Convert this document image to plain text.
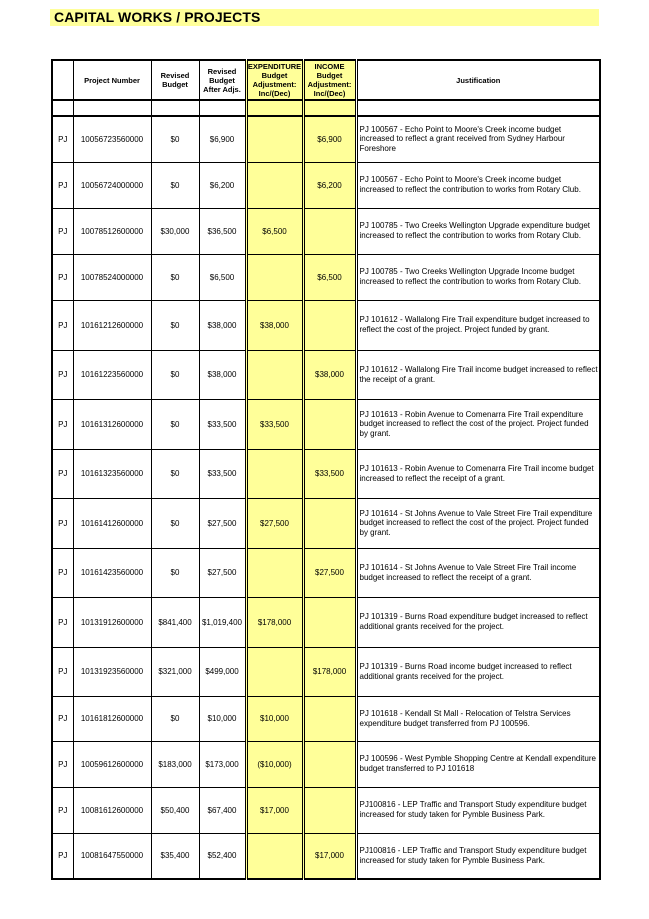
CAPITAL WORKS / PROJECTS
	Project Number	Revised Budget	Revised Budget After Adjs.	EXPENDITURE Budget Adjustment: Inc/(Dec)	INCOME Budget Adjustment: Inc/(Dec)	Justification

PJ	10056723560000	$0	$6,900		$6,900	PJ 100567 - Echo Point to Moore's Creek income budget increased to reflect a grant received from Sydney Harbour Foreshore
PJ	10056724000000	$0	$6,200		$6,200	PJ 100567 - Echo Point to Moore's Creek income budget increased to reflect the contribution to works from Rotary Club.
PJ	10078512600000	$30,000	$36,500	$6,500		PJ 100785 - Two Creeks Wellington Upgrade expenditure budget increased to reflect the contribution to works from Rotary Club.
PJ	10078524000000	$0	$6,500		$6,500	PJ 100785 - Two Creeks Wellington Upgrade Income budget increased to reflect the contribution to works from Rotary Club.
PJ	10161212600000	$0	$38,000	$38,000		PJ 101612 - Wallalong Fire Trail expenditure budget increased to reflect the cost of the project. Project funded by grant.
PJ	10161223560000	$0	$38,000		$38,000	PJ 101612 - Wallalong Fire Trail income budget increased to reflect the receipt of a grant.
PJ	10161312600000	$0	$33,500	$33,500		PJ 101613 - Robin Avenue to Comenarra Fire Trail expenditure budget increased to reflect the cost of the project. Project funded by grant.
PJ	10161323560000	$0	$33,500		$33,500	PJ 101613 - Robin Avenue to Comenarra Fire Trail income budget increased to reflect the receipt of a grant.
PJ	10161412600000	$0	$27,500	$27,500		PJ 101614 - St Johns Avenue to Vale Street Fire Trail expenditure budget increased to reflect the cost of the project. Project funded by grant.
PJ	10161423560000	$0	$27,500		$27,500	PJ 101614 - St Johns Avenue to Vale Street Fire Trail income budget increased to reflect the receipt of a grant.
PJ	10131912600000	$841,400	$1,019,400	$178,000		PJ 101319 - Burns Road expenditure budget increased to reflect additional grants received for the project.
PJ	10131923560000	$321,000	$499,000		$178,000	PJ 101319 - Burns Road income budget increased to reflect additional grants received for the project.
PJ	10161812600000	$0	$10,000	$10,000		PJ 101618 - Kendall St Mall - Relocation of Telstra Services expenditure budget transferred from PJ 100596.
PJ	10059612600000	$183,000	$173,000	($10,000)		PJ 100596 - West Pymble Shopping Centre at Kendall expenditure budget transferred to PJ 101618
PJ	10081612600000	$50,400	$67,400	$17,000		PJ100816 - LEP Traffic and Transport Study expenditure budget increased for study taken for Pymble Business Park.
PJ	10081647550000	$35,400	$52,400		$17,000	PJ100816 - LEP Traffic and Transport Study expenditure budget increased for study taken for Pymble Business Park.
